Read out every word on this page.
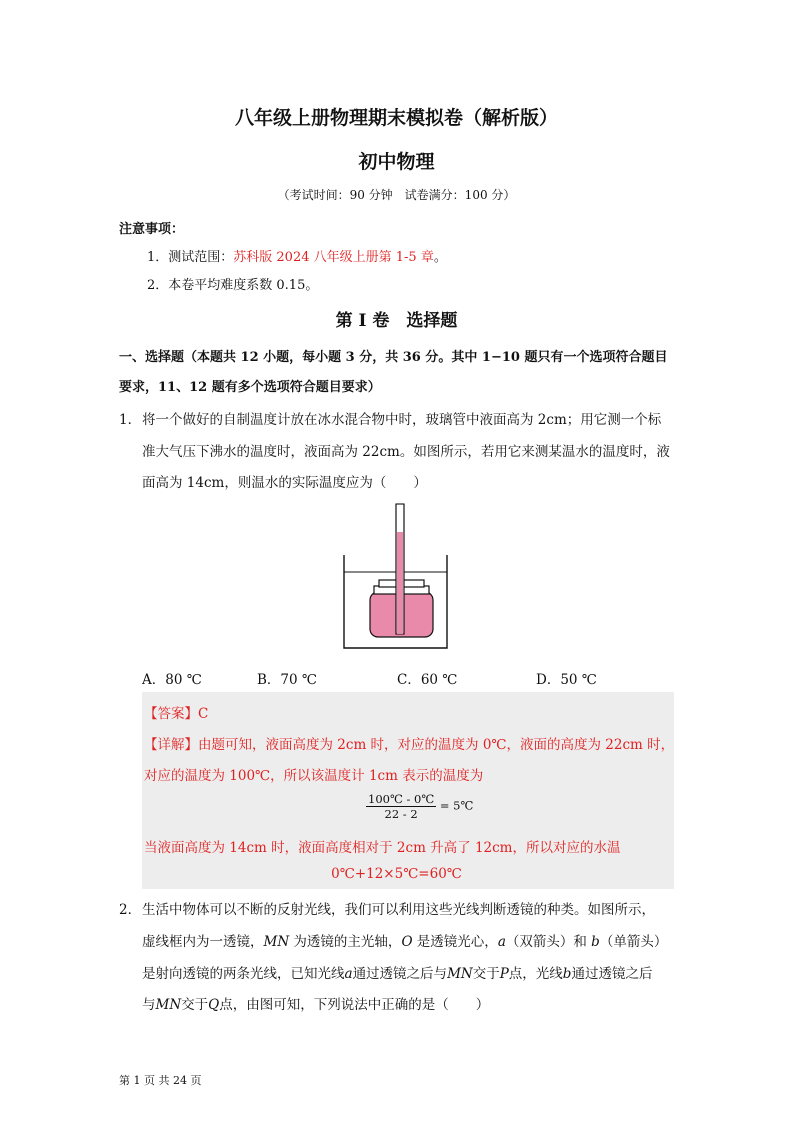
八年级上册物理期末模拟卷（解析版）
初中物理
（考试时间：90 分钟　试卷满分：100 分）
注意事项：
1．测试范围：苏科版 2024 八年级上册第 1-5 章。
2．本卷平均难度系数 0.15。
第 I 卷　选择题
一、选择题（本题共 12 小题，每小题 3 分，共 36 分。其中 1−10 题只有一个选项符合题目
要求，11、12 题有多个选项符合题目要求）
1． 将一个做好的自制温度计放在冰水混合物中时，玻璃管中液面高为 2cm；用它测一个标
准大气压下沸水的温度时，液面高为 22cm。如图所示，若用它来测某温水的温度时，液
面高为 14cm，则温水的实际温度应为（　　）
A．80 ℃	B．70 ℃	C．60 ℃	D．50 ℃
【答案】C
【详解】由题可知，液面高度为 2cm 时，对应的温度为 0℃，液面的高度为 22cm 时，
对应的温度为 100℃，所以该温度计 1cm 表示的温度为
$\frac{100℃ - 0℃}{22 - 2}$ = 5℃
当液面高度为 14cm 时，液面高度相对于 2cm 升高了 12cm，所以对应的水温
0℃+12×5℃=60℃
2． 生活中物体可以不断的反射光线，我们可以利用这些光线判断透镜的种类。如图所示，
虚线框内为一透镜，MN 为透镜的主光轴，O 是透镜光心，a（双箭头）和 b（单箭头）
是射向透镜的两条光线，已知光线a通过透镜之后与MN交于P点，光线b通过透镜之后
与MN交于Q点，由图可知，下列说法中正确的是（　　）
第 1 页 共 24 页
